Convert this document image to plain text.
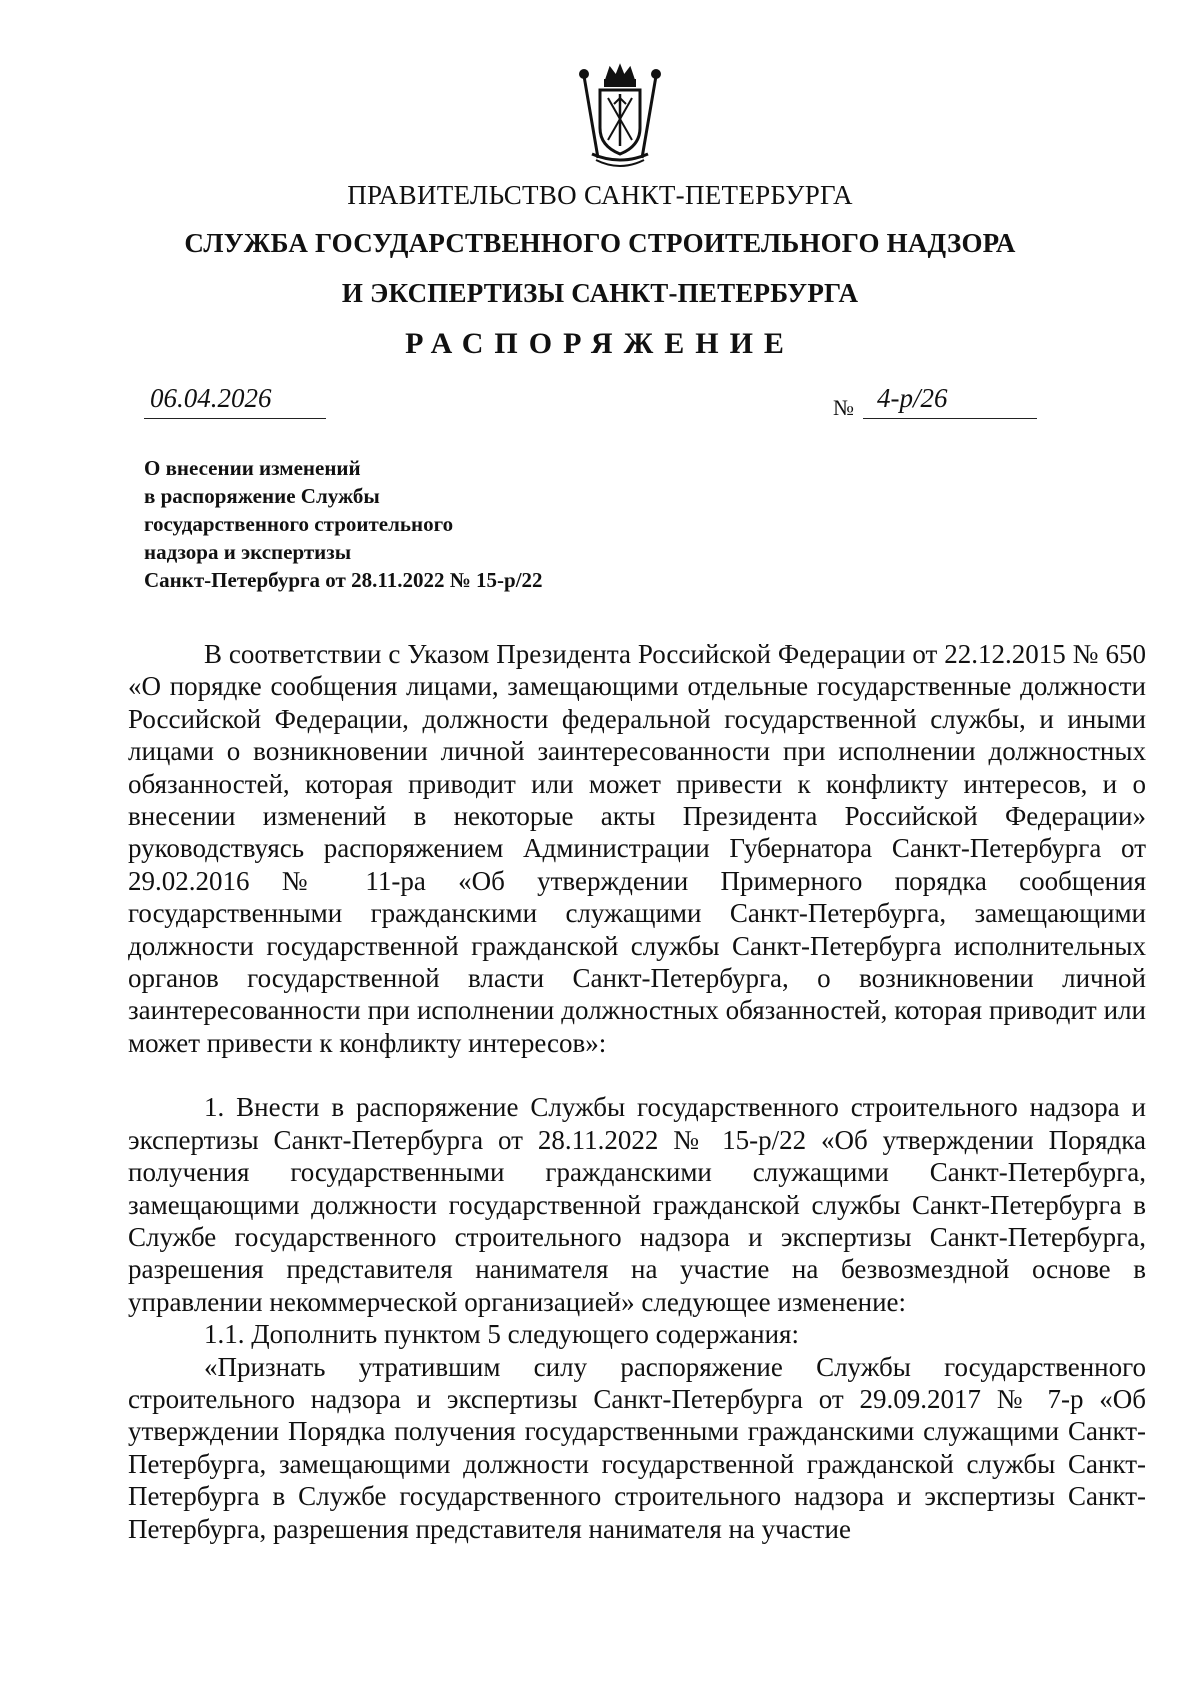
ПРАВИТЕЛЬСТВО САНКТ-ПЕТЕРБУРГА
СЛУЖБА ГОСУДАРСТВЕННОГО СТРОИТЕЛЬНОГО НАДЗОРА
И ЭКСПЕРТИЗЫ САНКТ-ПЕТЕРБУРГА
РАСПОРЯЖЕНИЕ
06.04.2026	№ 4-р/26
О внесении изменений
в распоряжение Службы
государственного строительного
надзора и экспертизы
Санкт-Петербурга от 28.11.2022 № 15-р/22
В соответствии с Указом Президента Российской Федерации от 22.12.2015 № 650 «О порядке сообщения лицами, замещающими отдельные государственные должности Российской Федерации, должности федеральной государственной службы, и иными лицами о возникновении личной заинтересованности при исполнении должностных обязанностей, которая приводит или может привести к конфликту интересов, и о внесении изменений в некоторые акты Президента Российской Федерации» руководствуясь распоряжением Администрации Губернатора Санкт-Петербурга от 29.02.2016 № 11-ра «Об утверждении Примерного порядка сообщения государственными гражданскими служащими Санкт-Петербурга, замещающими должности государственной гражданской службы Санкт-Петербурга исполнительных органов государственной власти Санкт-Петербурга, о возникновении личной заинтересованности при исполнении должностных обязанностей, которая приводит или может привести к конфликту интересов»:
1. Внести в распоряжение Службы государственного строительного надзора и экспертизы Санкт-Петербурга от 28.11.2022 № 15-р/22 «Об утверждении Порядка получения государственными гражданскими служащими Санкт-Петербурга, замещающими должности государственной гражданской службы Санкт-Петербурга в Службе государственного строительного надзора и экспертизы Санкт-Петербурга, разрешения представителя нанимателя на участие на безвозмездной основе в управлении некоммерческой организацией» следующее изменение:
1.1. Дополнить пунктом 5 следующего содержания:
«Признать утратившим силу распоряжение Службы государственного строительного надзора и экспертизы Санкт-Петербурга от 29.09.2017 № 7-р «Об утверждении Порядка получения государственными гражданскими служащими Санкт-Петербурга, замещающими должности государственной гражданской службы Санкт-Петербурга в Службе государственного строительного надзора и экспертизы Санкт-Петербурга, разрешения представителя нанимателя на участие
